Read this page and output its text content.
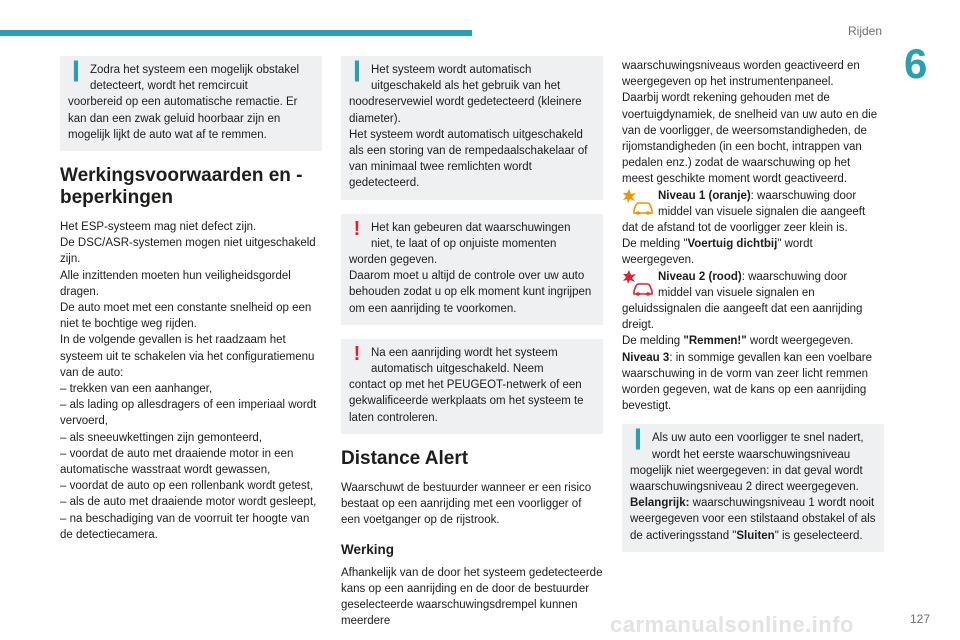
Rijden
6
ǀ Zodra het systeem een mogelijk obstakel detecteert, wordt het remcircuit

voorbereid op een automatische remactie. Er kan dan een zwak geluid hoorbaar zijn en mogelijk lijkt de auto wat af te remmen.

Werkingsvoorwaarden en -beperkingen

Het ESP-systeem mag niet defect zijn.

De DSC/ASR-systemen mogen niet uitgeschakeld zijn.

Alle inzittenden moeten hun veiligheidsgordel dragen.

De auto moet met een constante snelheid op een niet te bochtige weg rijden.

In de volgende gevallen is het raadzaam het systeem uit te schakelen via het configuratiemenu van de auto:

– trekken van een aanhanger,

– als lading op allesdragers of een imperiaal wordt vervoerd,

– als sneeuwkettingen zijn gemonteerd,

– voordat de auto met draaiende motor in een automatische wasstraat wordt gewassen,

– voordat de auto op een rollenbank wordt getest,

– als de auto met draaiende motor wordt gesleept,

– na beschadiging van de voorruit ter hoogte van de detectiecamera.

ǀ Het systeem wordt automatisch uitgeschakeld als het gebruik van het

noodreservewiel wordt gedetecteerd (kleinere diameter).

Het systeem wordt automatisch uitgeschakeld als een storing van de rempedaalschakelaar of van minimaal twee remlichten wordt gedetecteerd.

! Het kan gebeuren dat waarschuwingen niet, te laat of op onjuiste momenten

worden gegeven.

Daarom moet u altijd de controle over uw auto behouden zodat u op elk moment kunt ingrijpen om een aanrijding te voorkomen.

! Na een aanrijding wordt het systeem automatisch uitgeschakeld. Neem

contact op met het PEUGEOT-netwerk of een gekwalificeerde werkplaats om het systeem te laten controleren.

Distance Alert

Waarschuwt de bestuurder wanneer er een risico bestaat op een aanrijding met een voorligger of een voetganger op de rijstrook.

Werking

Afhankelijk van de door het systeem gedetecteerde kans op een aanrijding en de door de bestuurder geselecteerde waarschuwingsdrempel kunnen meerdere

waarschuwingsniveaus worden geactiveerd en weergegeven op het instrumentenpaneel.

Daarbij wordt rekening gehouden met de voertuigdynamiek, de snelheid van uw auto en die van de voorligger, de weersomstandigheden, de rijomstandigheden (in een bocht, intrappen van pedalen enz.) zodat de waarschuwing op het meest geschikte moment wordt geactiveerd.

Niveau 1 (oranje): waarschuwing door middel van visuele signalen die aangeeft

dat de afstand tot de voorligger zeer klein is.

De melding "Voertuig dichtbij" wordt weergegeven.

Niveau 2 (rood): waarschuwing door middel van visuele signalen en

geluidssignalen die aangeeft dat een aanrijding dreigt.

De melding "Remmen!" wordt weergegeven.

Niveau 3: in sommige gevallen kan een voelbare waarschuwing in de vorm van zeer licht remmen worden gegeven, wat de kans op een aanrijding bevestigt.

ǀ Als uw auto een voorligger te snel nadert, wordt het eerste waarschuwingsniveau

mogelijk niet weergegeven: in dat geval wordt waarschuwingsniveau 2 direct weergegeven.

Belangrijk: waarschuwingsniveau 1 wordt nooit weergegeven voor een stilstaand obstakel of als de activeringsstand "Sluiten" is geselecteerd.

carmanualsonline.info	127
